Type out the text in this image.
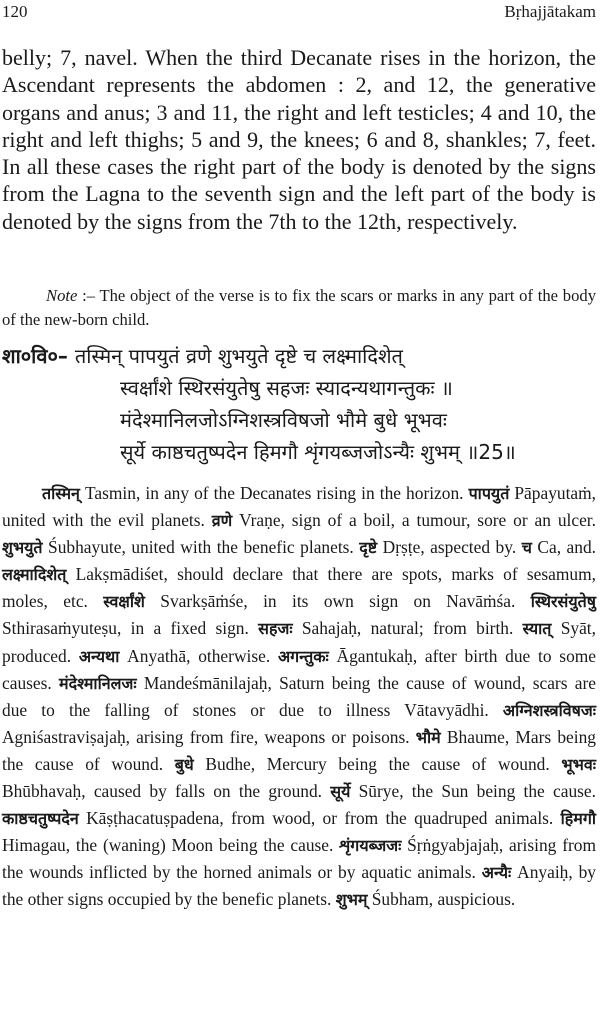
120	Bṛhajjātakam

belly; 7, navel. When the third Decanate rises in the horizon, the Ascendant represents the abdomen : 2, and 12, the generative organs and anus; 3 and 11, the right and left testicles; 4 and 10, the right and left thighs; 5 and 9, the knees; 6 and 8, shankles; 7, feet. In all these cases the right part of the body is denoted by the signs from the Lagna to the seventh sign and the left part of the body is denoted by the signs from the 7th to the 12th, respectively.

Note :– The object of the verse is to fix the scars or marks in any part of the body of the new-born child.

शा०वि०– तस्मिन् पापयुतं व्रणे शुभयुते दृष्टे च लक्ष्मादिशेत्
स्वर्क्षांशे स्थिरसंयुतेषु सहजः स्यादन्यथागन्तुकः ॥
मंदेश्मानिलजोऽग्निशस्त्रविषजो भौमे बुधे भूभवः
सूर्ये काष्ठचतुष्पदेन हिमगौ शृंगयब्जजोऽन्यैः शुभम् ॥25॥

तस्मिन् Tasmin, in any of the Decanates rising in the horizon. पापयुतं Pāpayutaṁ, united with the evil planets. व्रणे Vraṇe, sign of a boil, a tumour, sore or an ulcer. शुभयुते Śubhayute, united with the benefic planets. दृष्टे Dṛṣṭe, aspected by. च Ca, and. लक्ष्मादिशेत् Lakṣmādiśet, should declare that there are spots, marks of sesamum, moles, etc. स्वर्क्षांशे Svarkṣāṁśe, in its own sign on Navāṁśa. स्थिरसंयुतेषु Sthirasaṁyuteṣu, in a fixed sign. सहजः Sahajaḥ, natural; from birth. स्यात् Syāt, produced. अन्यथा Anyathā, otherwise. अगन्तुकः Āgantukaḥ, after birth due to some causes. मंदेश्मानिलजः Mandeśmānilajaḥ, Saturn being the cause of wound, scars are due to the falling of stones or due to illness Vātavyādhi. अग्निशस्त्रविषजः Agniśastraviṣajaḥ, arising from fire, weapons or poisons. भौमे Bhaume, Mars being the cause of wound. बुधे Budhe, Mercury being the cause of wound. भूभवः Bhūbhavaḥ, caused by falls on the ground. सूर्ये Sūrye, the Sun being the cause. काष्ठचतुष्पदेन Kāṣṭhacatuṣpadena, from wood, or from the quadruped animals. हिमगौ Himagau, the (waning) Moon being the cause. शृंगयब्जजः Śṛṅgyabjajaḥ, arising from the wounds inflicted by the horned animals or by aquatic animals. अन्यैः Anyaiḥ, by the other signs occupied by the benefic planets. शुभम् Śubham, auspicious.
